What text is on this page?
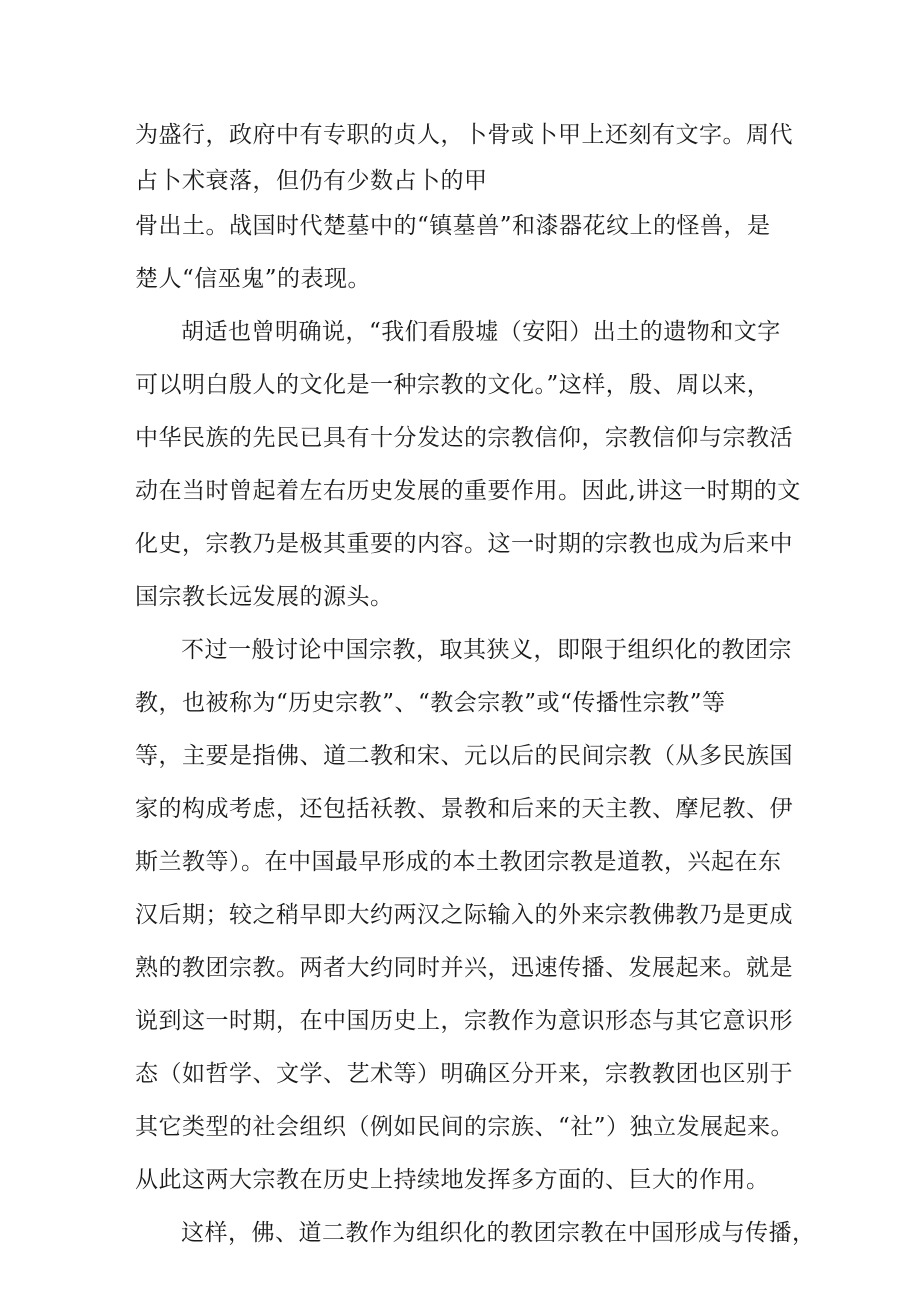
为盛行，政府中有专职的贞人，卜骨或卜甲上还刻有文字。周代
占卜术衰落，但仍有少数占卜的甲
骨出土。战国时代楚墓中的“镇墓兽”和漆器花纹上的怪兽，是
楚人“信巫鬼”的表现。
胡适也曾明确说，“我们看殷墟（安阳）出土的遗物和文字
可以明白殷人的文化是一种宗教的文化。”这样，殷、周以来，
中华民族的先民已具有十分发达的宗教信仰，宗教信仰与宗教活
动在当时曾起着左右历史发展的重要作用。因此,讲这一时期的文
化史，宗教乃是极其重要的内容。这一时期的宗教也成为后来中
国宗教长远发展的源头。
不过一般讨论中国宗教，取其狭义，即限于组织化的教团宗
教，也被称为“历史宗教”、“教会宗教”或“传播性宗教”等
等，主要是指佛、道二教和宋、元以后的民间宗教（从多民族国
家的构成考虑，还包括袄教、景教和后来的天主教、摩尼教、伊
斯兰教等）。在中国最早形成的本土教团宗教是道教，兴起在东
汉后期；较之稍早即大约两汉之际输入的外来宗教佛教乃是更成
熟的教团宗教。两者大约同时并兴，迅速传播、发展起来。就是
说到这一时期，在中国历史上，宗教作为意识形态与其它意识形
态（如哲学、文学、艺术等）明确区分开来，宗教教团也区别于
其它类型的社会组织（例如民间的宗族、“社”）独立发展起来。
从此这两大宗教在历史上持续地发挥多方面的、巨大的作用。
这样，佛、道二教作为组织化的教团宗教在中国形成与传播，
